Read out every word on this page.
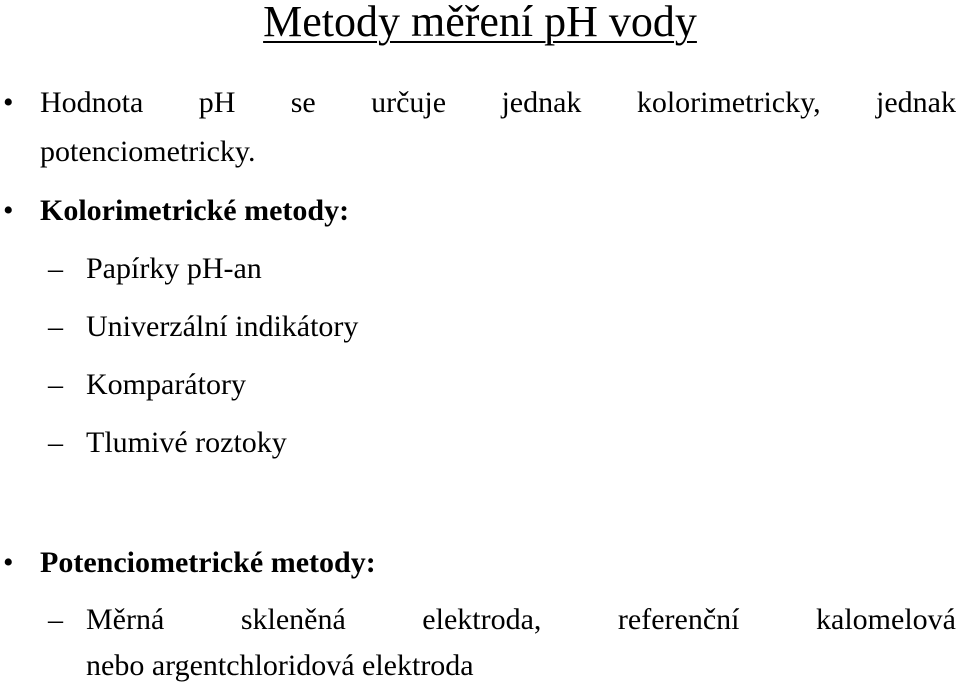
Metody měření pH vody
• Hodnota pH se určuje jednak kolorimetricky, jednak
potenciometricky.
• Kolorimetrické metody:
– Papírky pH-an
– Univerzální indikátory
– Komparátory
– Tlumivé roztoky
• Potenciometrické metody:
– Měrná	skleněná	elektroda,	referenční	kalomelová
nebo argentchloridová elektroda
